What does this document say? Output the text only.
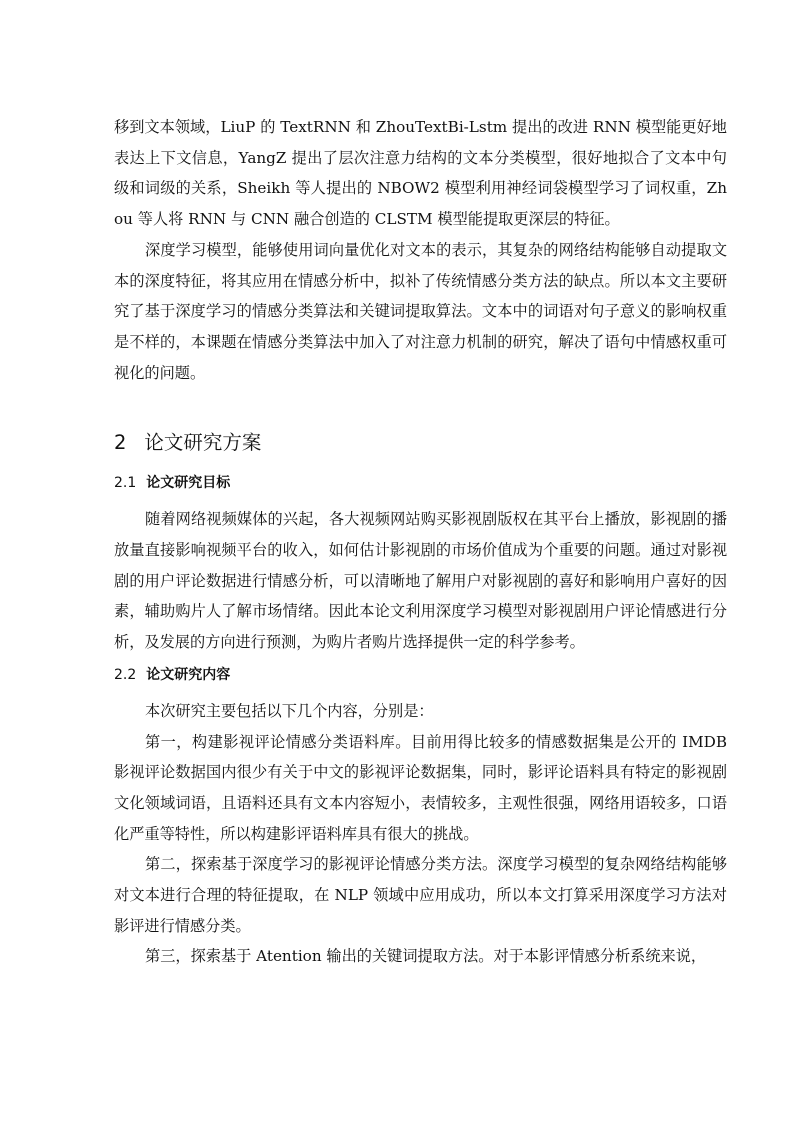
移到文本领域，LiuP 的 TextRNN 和 ZhouTextBi-Lstm 提出的改进 RNN 模型能更好地表达上下文信息，YangZ 提出了层次注意力结构的文本分类模型，很好地拟合了文本中句级和词级的关系，Sheikh 等人提出的 NBOW2 模型利用神经词袋模型学习了词权重，Zhou 等人将 RNN 与 CNN 融合创造的 CLSTM 模型能提取更深层的特征。

深度学习模型，能够使用词向量优化对文本的表示，其复杂的网络结构能够自动提取文本的深度特征，将其应用在情感分析中，拟补了传统情感分类方法的缺点。所以本文主要研究了基于深度学习的情感分类算法和关键词提取算法。文本中的词语对句子意义的影响权重是不样的，本课题在情感分类算法中加入了对注意力机制的研究，解决了语句中情感权重可视化的问题。

2 论文研究方案
2.1 论文研究目标

随着网络视频媒体的兴起，各大视频网站购买影视剧版权在其平台上播放，影视剧的播放量直接影响视频平台的收入，如何估计影视剧的市场价值成为个重要的问题。通过对影视剧的用户评论数据进行情感分析，可以清晰地了解用户对影视剧的喜好和影响用户喜好的因素，辅助购片人了解市场情绪。因此本论文利用深度学习模型对影视剧用户评论情感进行分析，及发展的方向进行预测，为购片者购片选择提供一定的科学参考。

2.2 论文研究内容

本次研究主要包括以下几个内容，分别是：

第一，构建影视评论情感分类语料库。目前用得比较多的情感数据集是公开的 IMDB 影视评论数据国内很少有关于中文的影视评论数据集，同时，影评论语料具有特定的影视剧文化领域词语，且语料还具有文本内容短小，表情较多，主观性很强，网络用语较多，口语化严重等特性，所以构建影评语料库具有很大的挑战。

第二，探索基于深度学习的影视评论情感分类方法。深度学习模型的复杂网络结构能够对文本进行合理的特征提取，在 NLP 领域中应用成功，所以本文打算采用深度学习方法对影评进行情感分类。

第三，探索基于 Atention 输出的关键词提取方法。对于本影评情感分析系统来说，
